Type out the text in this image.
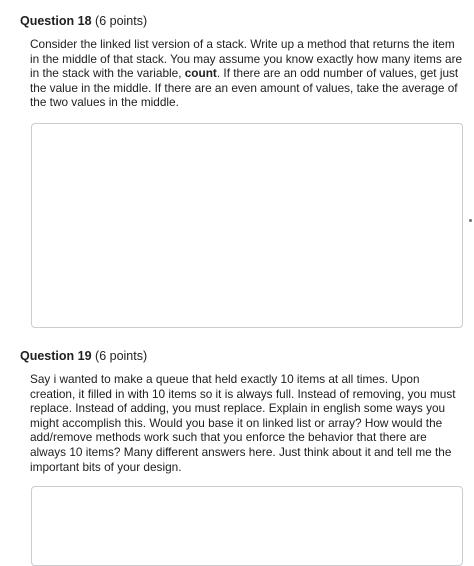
Question 18 (6 points)
Consider the linked list version of a stack. Write up a method that returns the item in the middle of that stack. You may assume you know exactly how many items are in the stack with the variable, count. If there are an odd number of values, get just the value in the middle. If there are an even amount of values, take the average of the two values in the middle.
Question 19 (6 points)
Say i wanted to make a queue that held exactly 10 items at all times. Upon creation, it filled in with 10 items so it is always full. Instead of removing, you must replace. Instead of adding, you must replace. Explain in english some ways you might accomplish this. Would you base it on linked list or array? How would the add/remove methods work such that you enforce the behavior that there are always 10 items? Many different answers here. Just think about it and tell me the important bits of your design.
